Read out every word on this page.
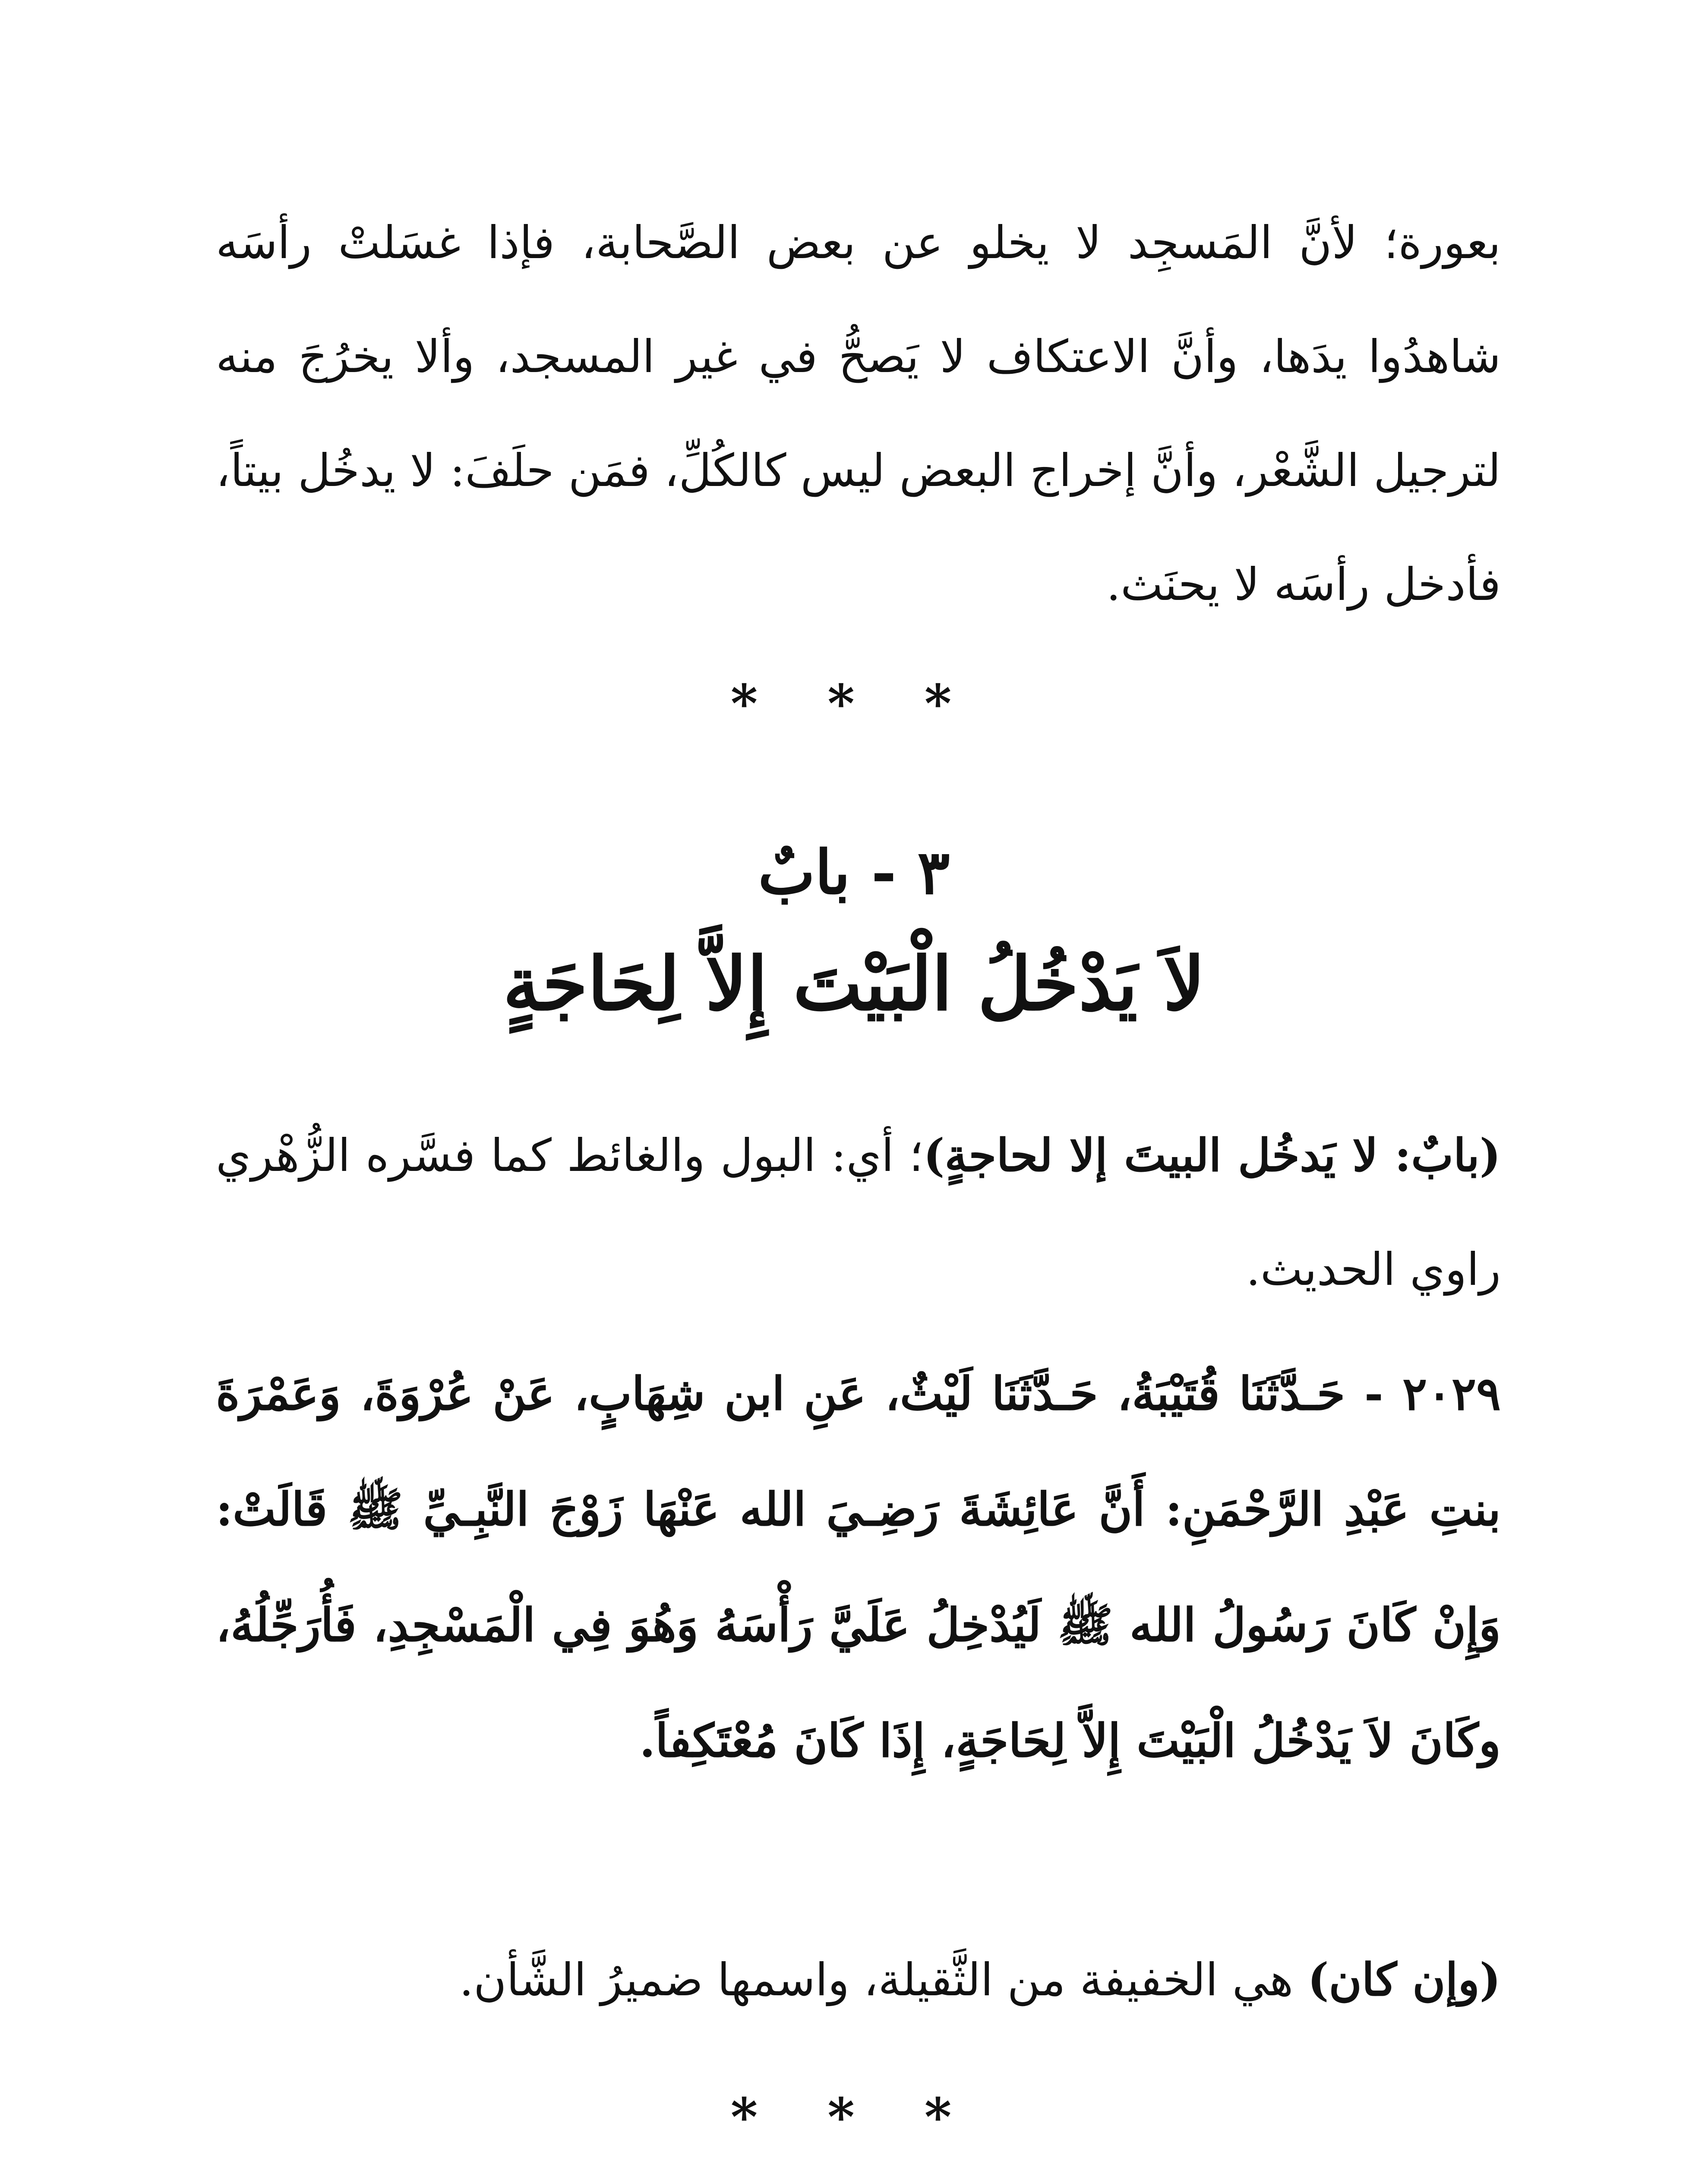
بعورة؛ لأنَّ المَسجِد لا يخلو عن بعض الصَّحابة، فإذا غسَلتْ رأسَه شاهدُوا يدَها، وأنَّ الاعتكاف لا يَصحُّ في غير المسجد، وألا يخرُجَ منه لترجيل الشَّعْر، وأنَّ إخراج البعض ليس كالكُلِّ، فمَن حلَفَ: لا يدخُل بيتاً، فأدخل رأسَه لا يحنَث.
* * *
٣ - بابٌ
لاَ يَدْخُلُ الْبَيْتَ إِلاَّ لِحَاجَةٍ
(بابٌ: لا يَدخُل البيتَ إلا لحاجةٍ)؛ أي: البول والغائط كما فسَّره الزُّهْري راوي الحديث.
٢٠٢٩ - حَـدَّثَنَا قُتَيْبَةُ، حَـدَّثَنَا لَيْثٌ، عَنِ ابن شِهَابٍ، عَنْ عُرْوَةَ، وَعَمْرَةَ بنتِ عَبْدِ الرَّحْمَنِ: أَنَّ عَائِشَةَ رَضِـيَ الله عَنْهَا زَوْجَ النَّبِـيِّ ﷺ قَالَتْ: وَإِنْ كَانَ رَسُولُ الله ﷺ لَيُدْخِلُ عَلَيَّ رَأْسَهُ وَهُوَ فِي الْمَسْجِدِ، فَأُرَجِّلُهُ، وكَانَ لاَ يَدْخُلُ الْبَيْتَ إِلاَّ لِحَاجَةٍ، إِذَا كَانَ مُعْتَكِفاً.
(وإن كان) هي الخفيفة من الثَّقيلة، واسمها ضميرُ الشَّأن.
* * *
